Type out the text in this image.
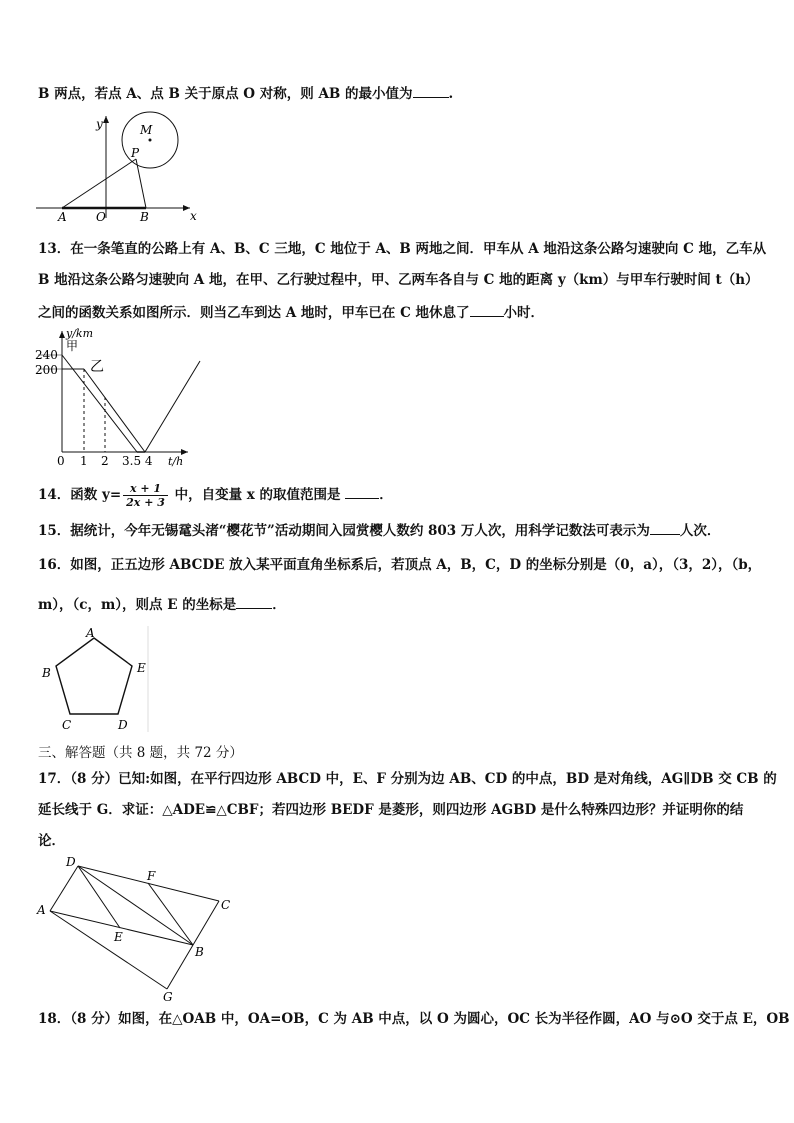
B 两点，若点 A、点 B 关于原点 O 对称，则 AB 的最小值为	.
y
x
M
P
A O	B
13．在一条笔直的公路上有 A、B、C 三地，C 地位于 A、B 两地之间．甲车从 A 地沿这条公路匀速驶向 C 地，乙车从
B 地沿这条公路匀速驶向 A 地，在甲、乙行驶过程中，甲、乙两车各自与 C 地的距离 y（km）与甲车行驶时间 t（h）
之间的函数关系如图所示．则当乙车到达 A 地时，甲车已在 C 地休息了	小时．
y/km
t/h
240
200
甲
乙
0 1 2 3.5 4
14．函数 $y= \frac{x + 1}{2x + 3}$ 中，自变量 x 的取值范围是	．
15．据统计，今年无锡鼋头渚“樱花节”活动期间入园赏樱人数约 803 万人次，用科学记数法可表示为 人次．
16．如图，正五边形 ABCDE 放入某平面直角坐标系后，若顶点 A，B，C，D 的坐标分别是（0，a），（3，2），（b，
m），（c，m），则点 E 的坐标是	．
A
B
C	D
E
三、解答题（共 8 题，共 72 分）
17．（8 分）已知:如图，在平行四边形 ABCD 中，E、F 分别为边 AB、CD 的中点，BD 是对角线，AG∥DB 交 CB 的
延长线于 G．求证：△ADE≌△CBF；若四边形 BEDF 是菱形，则四边形 AGBD 是什么特殊四边形？并证明你的结
论．
D
F
C
A
E
B
G
18．（8 分）如图，在△OAB 中，OA=OB，C 为 AB 中点，以 O 为圆心，OC 长为半径作圆，AO 与⊙O 交于点 E，OB
